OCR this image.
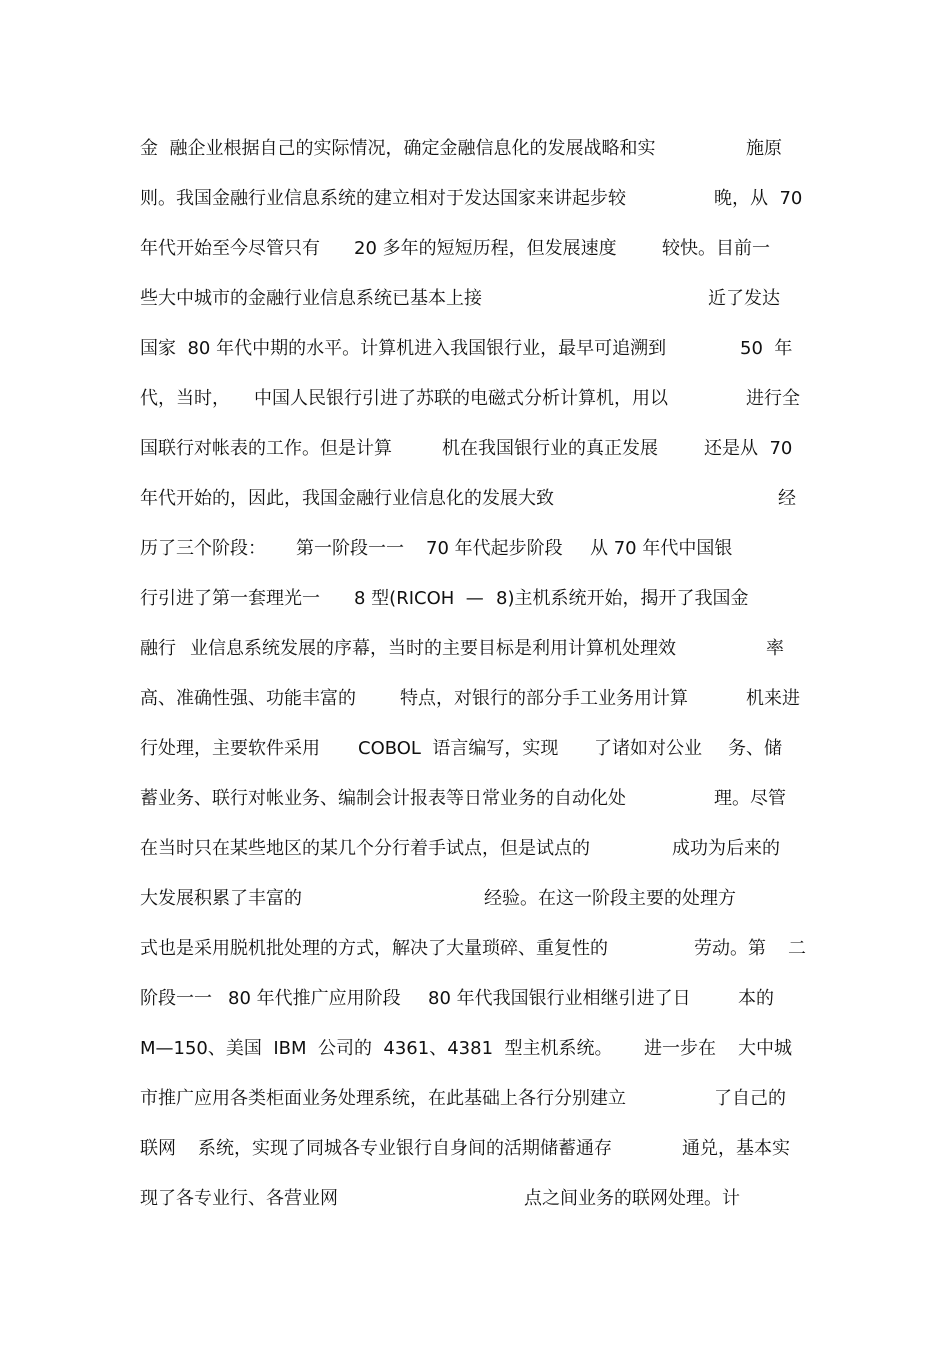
金  融企业根据自己的实际情况，确定金融信息化的发展战略和实

	施原

则。我国金融行业信息系统的建立相对于发达国家来讲起步较

	晚，从  70

年代开始至今尽管只有

20 多年的短短历程，但发展速度

	较快。目前一

些大中城市的金融行业信息系统已基本上接

	近了发达

国家  80 年代中期的水平。计算机进入我国银行业，最早可追溯到

	50  年

代，当时，

中国人民银行引进了苏联的电磁式分析计算机，用以

	进行全

国联行对帐表的工作。但是计算

	机在我国银行业的真正发展

	还是从  70

年代开始的，因此，我国金融行业信息化的发展大致

	经

历了三个阶段：

第一阶段一一

70 年代起步阶段

从 70 年代中国银

行引进了第一套理光一

8 型(RICOH  —

8)主机系统开始，揭开了我国金

融行

业信息系统发展的序幕，当时的主要目标是利用计算机处理效

	率

高、准确性强、功能丰富的

特点，对银行的部分手工业务用计算

	机来进

行处理，主要软件采用

COBOL  语言编写，实现

了诸如对公业

务、储

蓄业务、联行对帐业务、编制会计报表等日常业务的自动化处

	理。尽管

在当时只在某些地区的某几个分行着手试点，但是试点的

	成功为后来的

大发展积累了丰富的

	经验。在这一阶段主要的处理方

式也是采用脱机批处理的方式，解决了大量琐碎、重复性的

	劳动。第

二

阶段一一

80 年代推广应用阶段

80 年代我国银行业相继引进了日

	本的

M—150、美国  IBM  公司的  4361、4381  型主机系统。

进一步在

大中城

市推广应用各类柜面业务处理系统，在此基础上各行分别建立

	了自己的

联网

系统，实现了同城各专业银行自身间的活期储蓄通存

	通兑，基本实

现了各专业行、各营业网

	点之间业务的联网处理。计
